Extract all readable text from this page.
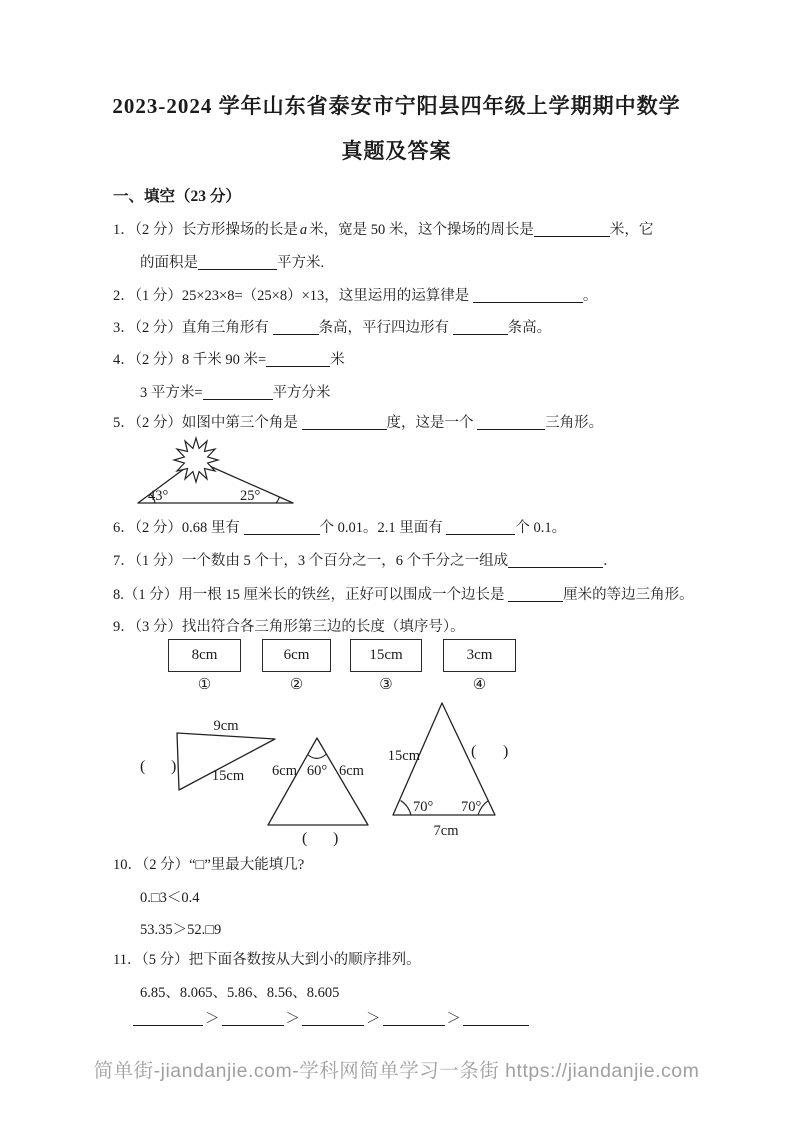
2023-2024 学年山东省泰安市宁阳县四年级上学期期中数学
真题及答案
一、填空（23 分）
1．（2 分）长方形操场的长是 a 米，宽是 50 米，这个操场的周长是	米，它
的面积是	平方米.
2．（1 分）25×23×8=（25×8）×13，这里运用的运算律是	。
3．（2 分）直角三角形有	条高，平行四边形有	条高。
4．（2 分）8 千米 90 米=	米
3 平方米=	平方分米
5．（2 分）如图中第三个角是	度，这是一个	三角形。
43°	25°
6．（2 分）0.68 里有	个 0.01。2.1 里面有	个 0.1。
7．（1 分）一个数由 5 个十，3 个百分之一，6 个千分之一组成	．
8.（1 分）用一根 15 厘米长的铁丝，正好可以围成一个边长是	厘米的等边三角形。
9．（3 分）找出符合各三角形第三边的长度（填序号）。
8cm
①
6cm
②
15cm
③
3cm
④
9cm
15cm
( )	60°
6cm	6cm
( )
15cm
70° 70°
7cm
( )
10．（2 分）“□”里最大能填几?
0.□3＜0.4
53.35＞52.□9
11．（5 分）把下面各数按从大到小的顺序排列。
6.85、8.065、5.86、8.56、8.605
＞	＞	＞	＞
简单街-jiandanjie.com-学科网简单学习一条街 https://jiandanjie.com
